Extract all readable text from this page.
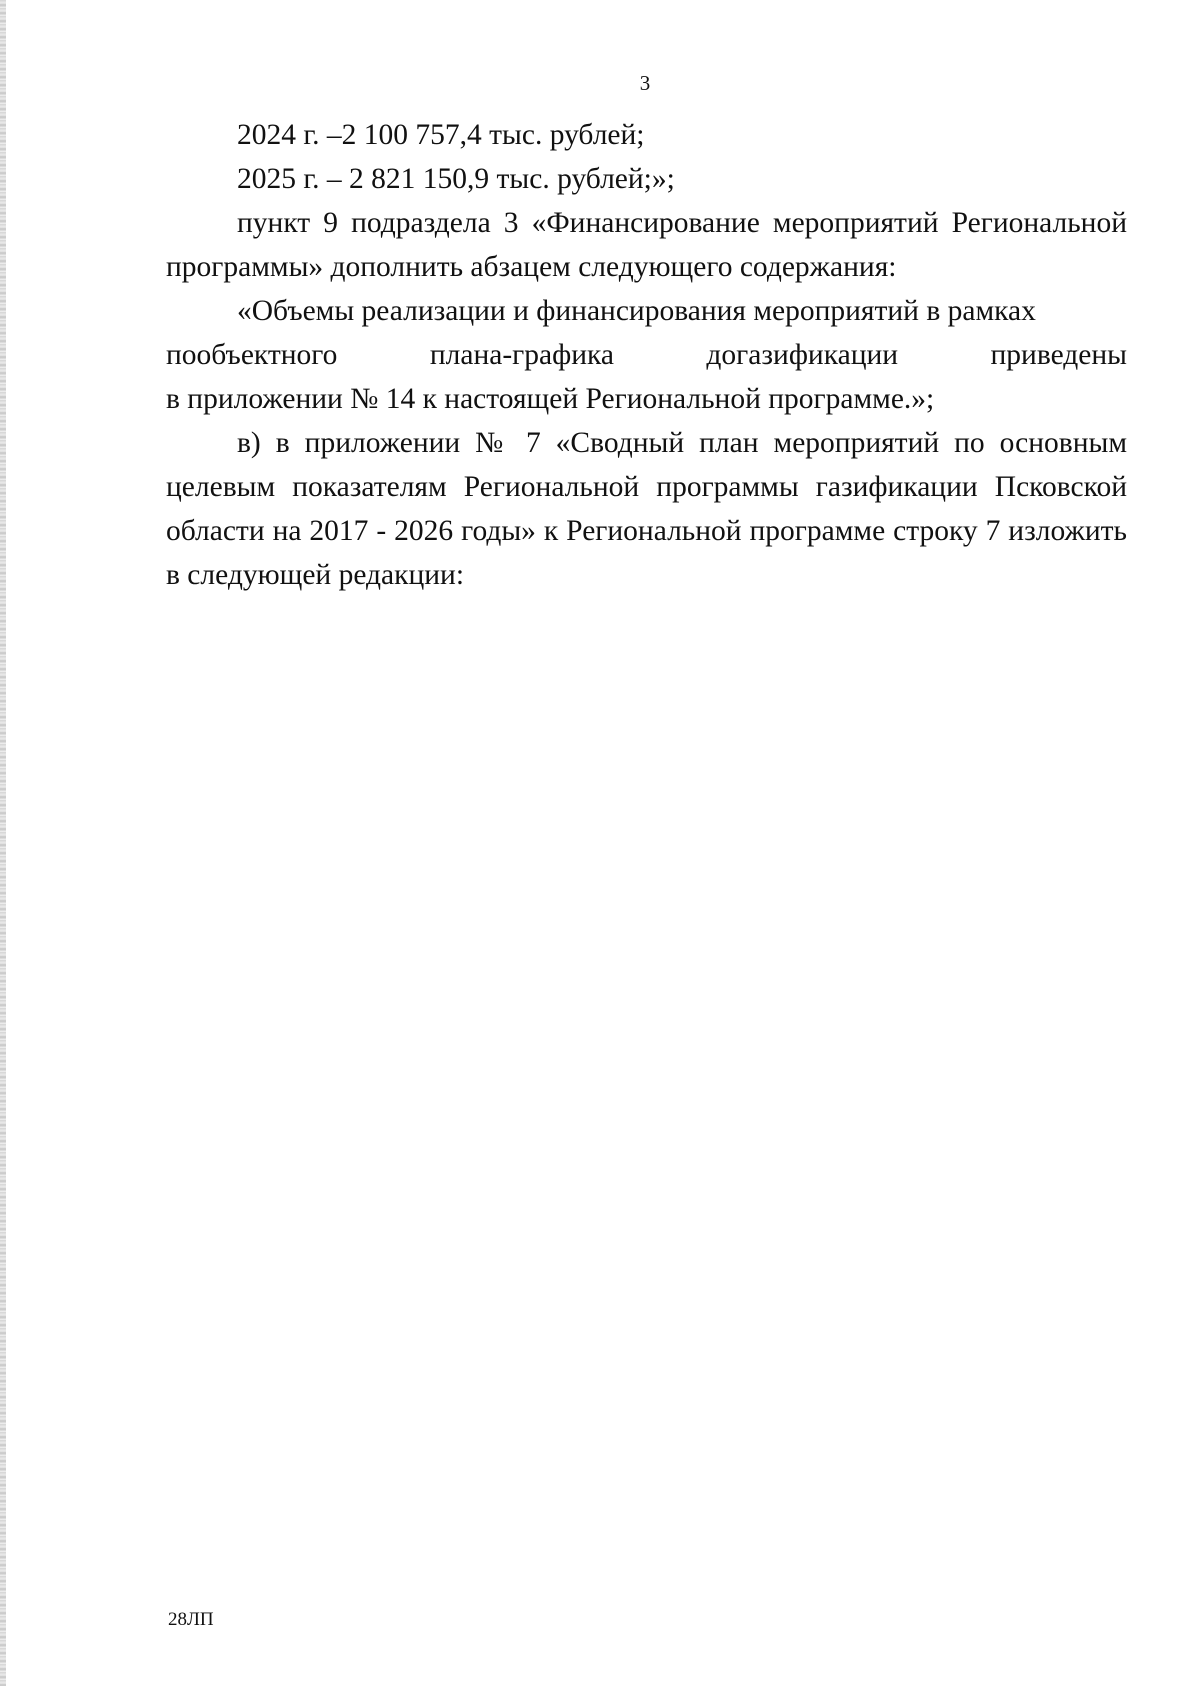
3

2024 г. –2 100 757,4 тыс. рублей;

2025 г. – 2 821 150,9 тыс. рублей;»;

пункт 9 подраздела 3 «Финансирование мероприятий Региональной программы» дополнить абзацем следующего содержания:

«Объемы реализации и финансирования мероприятий в рамках
пообъектного	плана-графика	догазификации	приведены
в приложении № 14 к настоящей Региональной программе.»;

в) в приложении № 7 «Сводный план мероприятий по основным целевым показателям Региональной программы газификации Псковской области на 2017 - 2026 годы» к Региональной программе строку 7 изложить в следующей редакции:

28ЛП
